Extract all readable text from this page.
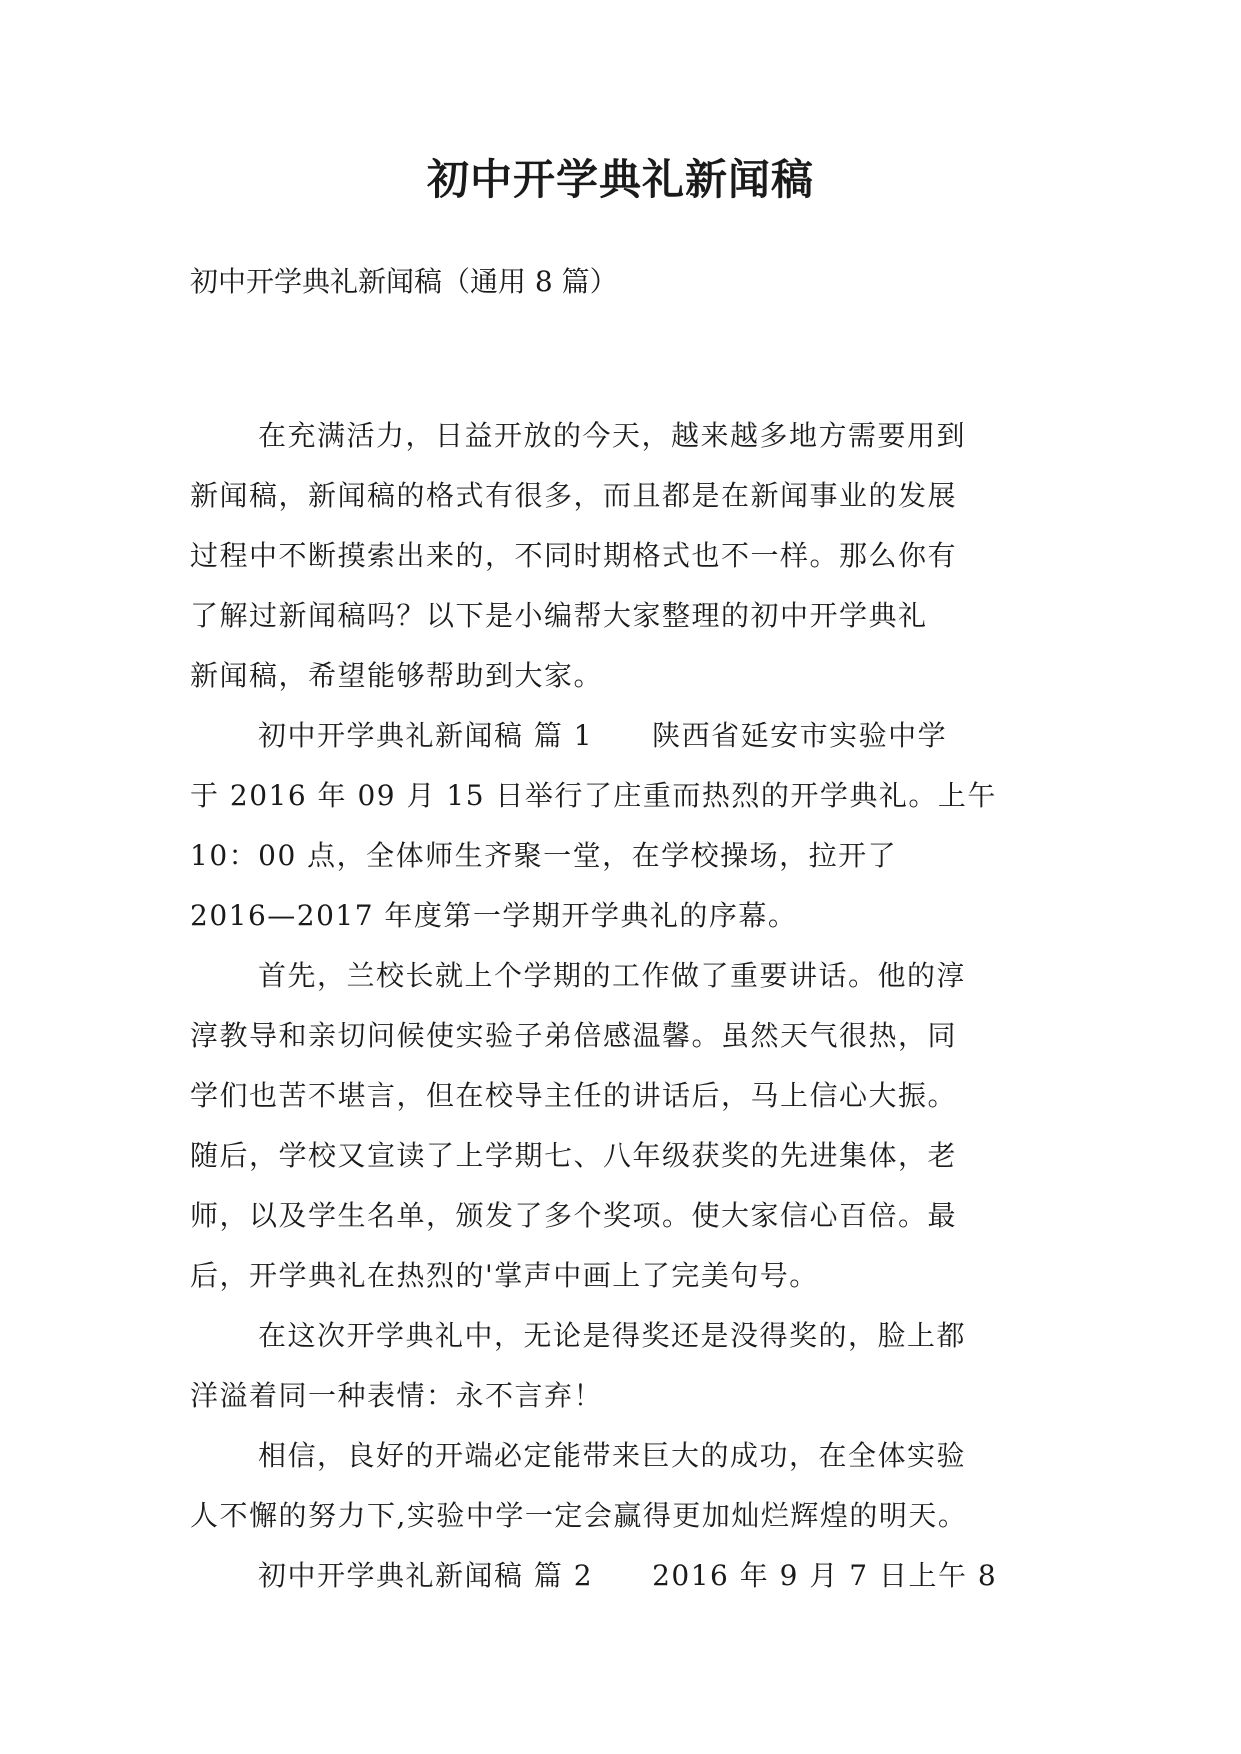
初中开学典礼新闻稿
初中开学典礼新闻稿（通用 8 篇）
在充满活力，日益开放的今天，越来越多地方需要用到
新闻稿，新闻稿的格式有很多，而且都是在新闻事业的发展
过程中不断摸索出来的，不同时期格式也不一样。那么你有
了解过新闻稿吗？以下是小编帮大家整理的初中开学典礼
新闻稿，希望能够帮助到大家。
初中开学典礼新闻稿 篇 1　　陕西省延安市实验中学
于 2016 年 09 月 15 日举行了庄重而热烈的开学典礼。上午
10：00 点，全体师生齐聚一堂，在学校操场，拉开了
2016—2017 年度第一学期开学典礼的序幕。
首先，兰校长就上个学期的工作做了重要讲话。他的淳
淳教导和亲切问候使实验子弟倍感温馨。虽然天气很热，同
学们也苦不堪言，但在校导主任的讲话后，马上信心大振。
随后，学校又宣读了上学期七、八年级获奖的先进集体，老
师，以及学生名单，颁发了多个奖项。使大家信心百倍。最
后，开学典礼在热烈的'掌声中画上了完美句号。
在这次开学典礼中，无论是得奖还是没得奖的，脸上都
洋溢着同一种表情：永不言弃！
相信，良好的开端必定能带来巨大的成功，在全体实验
人不懈的努力下,实验中学一定会赢得更加灿烂辉煌的明天。
初中开学典礼新闻稿 篇 2　　2016 年 9 月 7 日上午 8
